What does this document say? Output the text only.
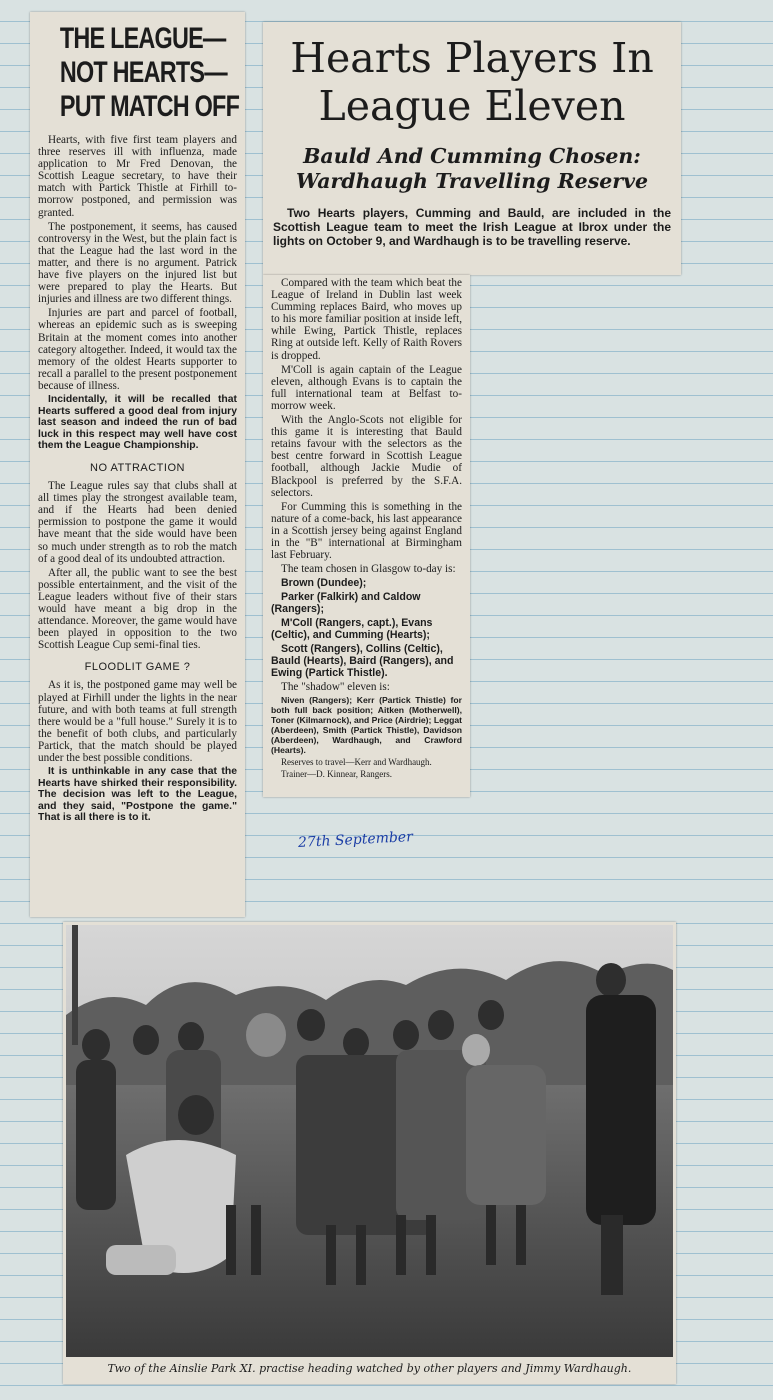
THE LEAGUE—
NOT HEARTS—
PUT MATCH OFF

Hearts, with five first team players and three reserves ill with influenza, made application to Mr Fred Denovan, the Scottish League secretary, to have their match with Partick Thistle at Firhill to-morrow postponed, and permission was granted.

The postponement, it seems, has caused controversy in the West, but the plain fact is that the League had the last word in the matter, and there is no argument. Patrick have five players on the injured list but were prepared to play the Hearts. But injuries and illness are two different things.

Injuries are part and parcel of football, whereas an epidemic such as is sweeping Britain at the moment comes into another category altogether. Indeed, it would tax the memory of the oldest Hearts supporter to recall a parallel to the present postponement because of illness.

Incidentally, it will be recalled that Hearts suffered a good deal from injury last season and indeed the run of bad luck in this respect may well have cost them the League Championship.

NO ATTRACTION

The League rules say that clubs shall at all times play the strongest available team, and if the Hearts had been denied permission to postpone the game it would have meant that the side would have been so much under strength as to rob the match of a good deal of its undoubted attraction.

After all, the public want to see the best possible entertainment, and the visit of the League leaders without five of their stars would have meant a big drop in the attendance. Moreover, the game would have been played in opposition to the two Scottish League Cup semi-final ties.

FLOODLIT GAME ?

As it is, the postponed game may well be played at Firhill under the lights in the near future, and with both teams at full strength there would be a "full house." Surely it is to the benefit of both clubs, and particularly Partick, that the match should be played under the best possible conditions.

It is unthinkable in any case that the Hearts have shirked their responsibility. The decision was left to the League, and they said, "Postpone the game." That is all there is to it.

Hearts Players In
League Eleven
Bauld And Cumming Chosen:
Wardhaugh Travelling Reserve

Two Hearts players, Cumming and Bauld, are included in the Scottish League team to meet the Irish League at Ibrox under the lights on October 9, and Wardhaugh is to be travelling reserve.

Compared with the team which beat the League of Ireland in Dublin last week Cumming replaces Baird, who moves up to his more familiar position at inside left, while Ewing, Partick Thistle, replaces Ring at outside left. Kelly of Raith Rovers is dropped.

M'Coll is again captain of the League eleven, although Evans is to captain the full international team at Belfast to-morrow week.

With the Anglo-Scots not eligible for this game it is interesting that Bauld retains favour with the selectors as the best centre forward in Scottish League football, although Jackie Mudie of Blackpool is preferred by the S.F.A. selectors.

For Cumming this is something in the nature of a come-back, his last appearance in a Scottish jersey being against England in the "B" international at Birmingham last February.

The team chosen in Glasgow to-day is:

Brown (Dundee);

Parker (Falkirk) and Caldow (Rangers);

M'Coll (Rangers, capt.), Evans (Celtic), and Cumming (Hearts);

Scott (Rangers), Collins (Celtic), Bauld (Hearts), Baird (Rangers), and Ewing (Partick Thistle).

The "shadow" eleven is:

Niven (Rangers); Kerr (Partick Thistle) for both full back position; Aitken (Motherwell), Toner (Kilmarnock), and Price (Airdrie); Leggat (Aberdeen), Smith (Partick Thistle), Davidson (Aberdeen), Wardhaugh, and Crawford (Hearts).

Reserves to travel—Kerr and Wardhaugh.

Trainer—D. Kinnear, Rangers.

27th September
Two of the Ainslie Park XI. practise heading watched by other players and Jimmy Wardhaugh.
